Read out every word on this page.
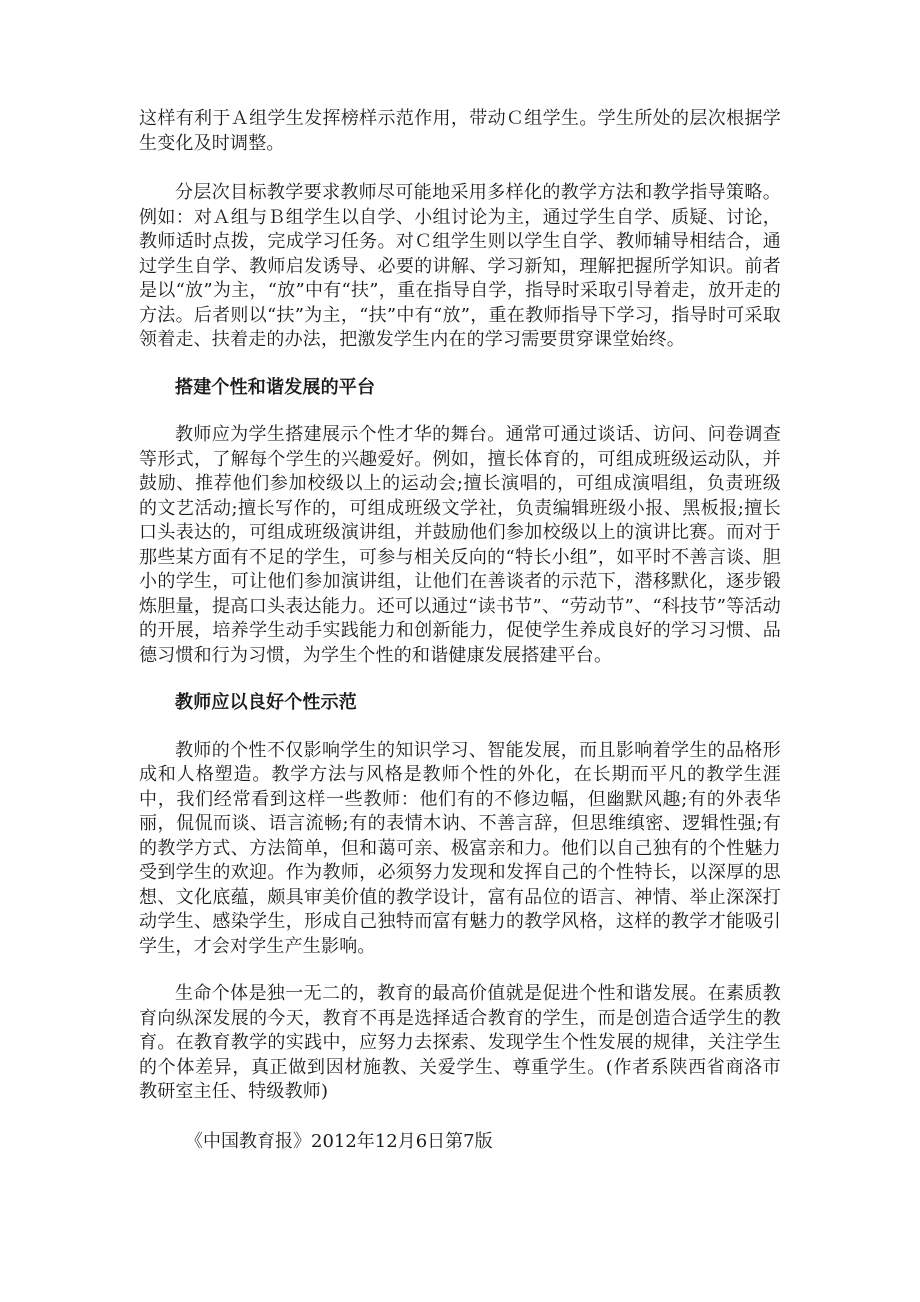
这样有利于Ａ组学生发挥榜样示范作用，带动Ｃ组学生。学生所处的层次根据学生变化及时调整。

分层次目标教学要求教师尽可能地采用多样化的教学方法和教学指导策略。例如：对Ａ组与Ｂ组学生以自学、小组讨论为主，通过学生自学、质疑、讨论，教师适时点拨，完成学习任务。对Ｃ组学生则以学生自学、教师辅导相结合，通过学生自学、教师启发诱导、必要的讲解、学习新知，理解把握所学知识。前者是以“放”为主，“放”中有“扶”，重在指导自学，指导时采取引导着走，放开走的方法。后者则以“扶”为主，“扶”中有“放”，重在教师指导下学习，指导时可采取领着走、扶着走的办法，把激发学生内在的学习需要贯穿课堂始终。

搭建个性和谐发展的平台

教师应为学生搭建展示个性才华的舞台。通常可通过谈话、访问、问卷调查等形式，了解每个学生的兴趣爱好。例如，擅长体育的，可组成班级运动队，并鼓励、推荐他们参加校级以上的运动会;擅长演唱的，可组成演唱组，负责班级的文艺活动;擅长写作的，可组成班级文学社，负责编辑班级小报、黑板报;擅长口头表达的，可组成班级演讲组，并鼓励他们参加校级以上的演讲比赛。而对于那些某方面有不足的学生，可参与相关反向的“特长小组”，如平时不善言谈、胆小的学生，可让他们参加演讲组，让他们在善谈者的示范下，潜移默化，逐步锻炼胆量，提高口头表达能力。还可以通过“读书节”、“劳动节”、“科技节”等活动的开展，培养学生动手实践能力和创新能力，促使学生养成良好的学习习惯、品德习惯和行为习惯，为学生个性的和谐健康发展搭建平台。

教师应以良好个性示范

教师的个性不仅影响学生的知识学习、智能发展，而且影响着学生的品格形成和人格塑造。教学方法与风格是教师个性的外化，在长期而平凡的教学生涯中，我们经常看到这样一些教师：他们有的不修边幅，但幽默风趣;有的外表华丽，侃侃而谈、语言流畅;有的表情木讷、不善言辞，但思维缜密、逻辑性强;有的教学方式、方法简单，但和蔼可亲、极富亲和力。他们以自己独有的个性魅力受到学生的欢迎。作为教师，必须努力发现和发挥自己的个性特长，以深厚的思想、文化底蕴，颇具审美价值的教学设计，富有品位的语言、神情、举止深深打动学生、感染学生，形成自己独特而富有魅力的教学风格，这样的教学才能吸引学生，才会对学生产生影响。

生命个体是独一无二的，教育的最高价值就是促进个性和谐发展。在素质教育向纵深发展的今天，教育不再是选择适合教育的学生，而是创造合适学生的教育。在教育教学的实践中，应努力去探索、发现学生个性发展的规律，关注学生的个体差异，真正做到因材施教、关爱学生、尊重学生。(作者系陕西省商洛市教研室主任、特级教师)

《中国教育报》2012年12月6日第7版
